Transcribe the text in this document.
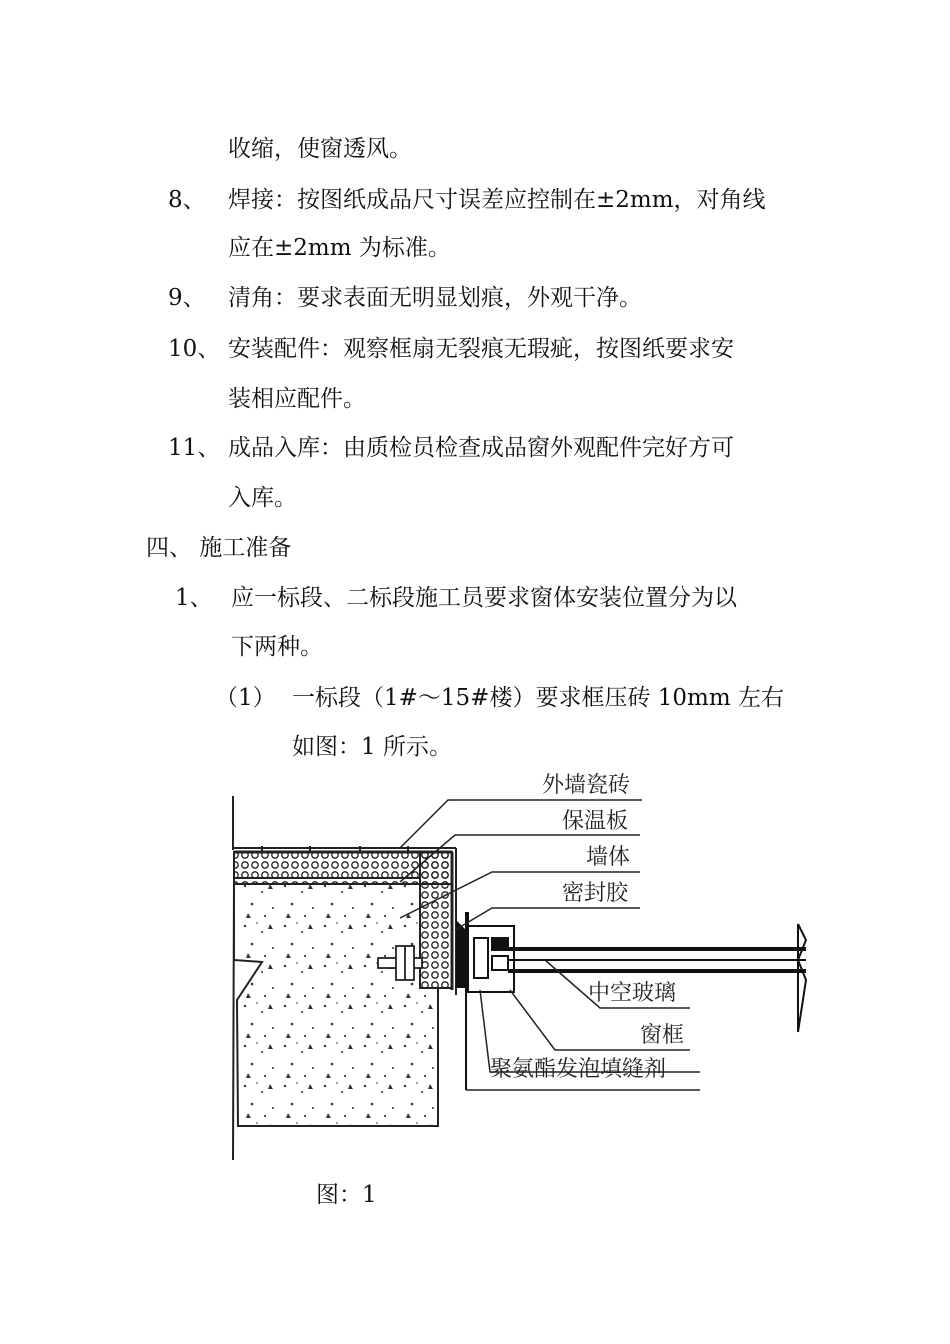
收缩，使窗透风。
8、 焊接：按图纸成品尺寸误差应控制在±2mm，对角线
应在±2mm 为标准。
9、 清角：要求表面无明显划痕，外观干净。
10、 安装配件：观察框扇无裂痕无瑕疵，按图纸要求安
装相应配件。
11、 成品入库：由质检员检查成品窗外观配件完好方可
入库。
四、 施工准备
1、 应一标段、二标段施工员要求窗体安装位置分为以
下两种。
（1） 一标段（1#～15#楼）要求框压砖 10mm 左右
如图：1 所示。
外墙瓷砖
保温板
墙体
密封胶
中空玻璃
窗框
聚氨酯发泡填缝剂
图：1
